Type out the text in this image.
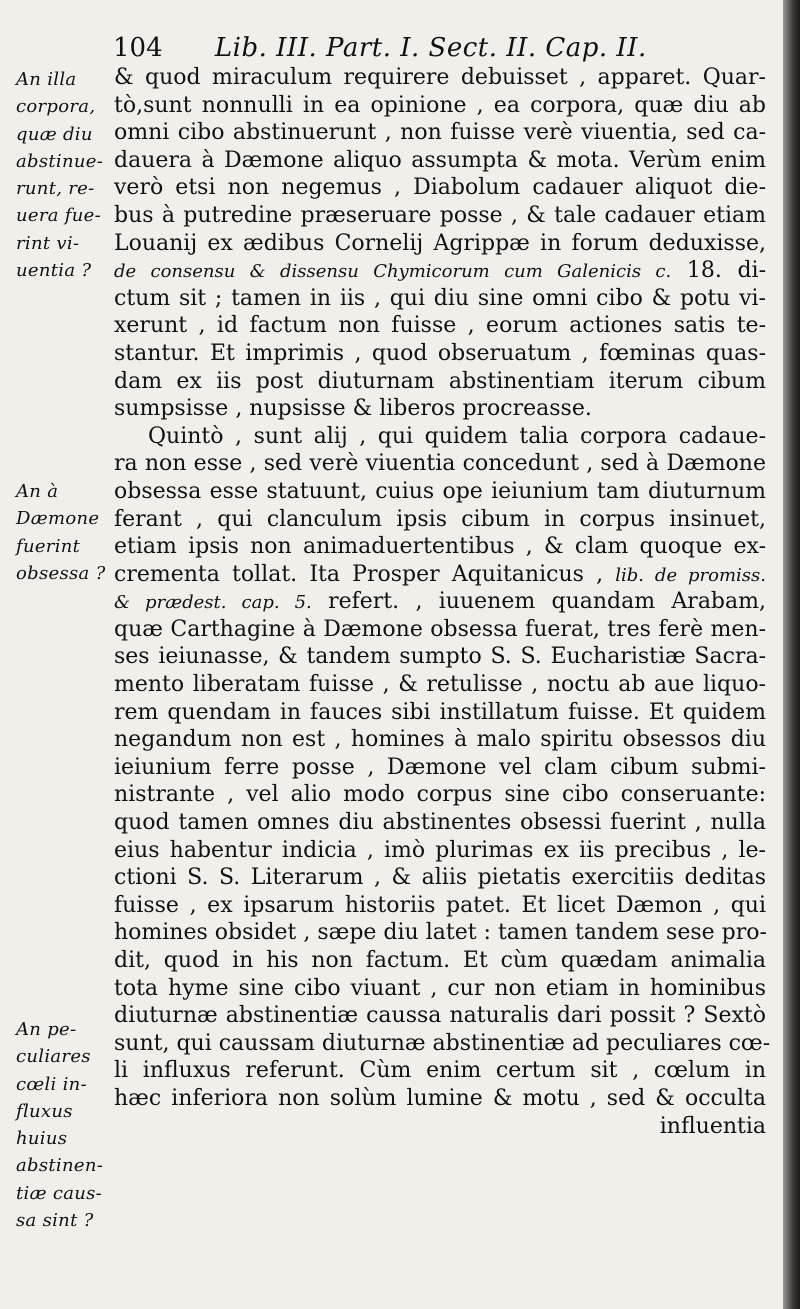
104 Lib. III. Part. I. Sect. II. Cap. II.
An illa
corpora,
quæ diu
abstinue-
runt, re-
uera fue-
rint vi-
uentia ?
An à
Dæmone
fuerint
obsessa ?
An pe-
culiares
cœli in-
fluxus
huius
abstinen-
tiæ caus-
sa sint ?
& quod miraculum requirere debuisset , apparet. Quar-
tò,sunt nonnulli in ea opinione , ea corpora, quæ diu ab
omni cibo abstinuerunt , non fuisse verè viuentia, sed ca-
dauera à Dæmone aliquo assumpta & mota. Verùm enim
verò etsi non negemus , Diabolum cadauer aliquot die-
bus à putredine præseruare posse , & tale cadauer etiam
Louanij ex ædibus Cornelij Agrippæ in forum deduxisse,
de consensu & dissensu Chymicorum cum Galenicis c. 18. di-
ctum sit ; tamen in iis , qui diu sine omni cibo & potu vi-
xerunt , id factum non fuisse , eorum actiones satis te-
stantur. Et imprimis , quod obseruatum , fœminas quas-
dam ex iis post diuturnam abstinentiam iterum cibum
sumpsisse , nupsisse & liberos procreasse.
Quintò , sunt alij , qui quidem talia corpora cadaue-
ra non esse , sed verè viuentia concedunt , sed à Dæmone
obsessa esse statuunt, cuius ope ieiunium tam diuturnum
ferant , qui clanculum ipsis cibum in corpus insinuet,
etiam ipsis non animaduertentibus , & clam quoque ex-
crementa tollat. Ita Prosper Aquitanicus , lib. de promiss.
& prædest. cap. 5. refert. , iuuenem quandam Arabam,
quæ Carthagine à Dæmone obsessa fuerat, tres ferè men-
ses ieiunasse, & tandem sumpto S. S. Eucharistiæ Sacra-
mento liberatam fuisse , & retulisse , noctu ab aue liquo-
rem quendam in fauces sibi instillatum fuisse. Et quidem
negandum non est , homines à malo spiritu obsessos diu
ieiunium ferre posse , Dæmone vel clam cibum submi-
nistrante , vel alio modo corpus sine cibo conseruante:
quod tamen omnes diu abstinentes obsessi fuerint , nulla
eius habentur indicia , imò plurimas ex iis precibus , le-
ctioni S. S. Literarum , & aliis pietatis exercitiis deditas
fuisse , ex ipsarum historiis patet. Et licet Dæmon , qui
homines obsidet , sæpe diu latet : tamen tandem sese pro-
dit, quod in his non factum. Et cùm quædam animalia
tota hyme sine cibo viuant , cur non etiam in hominibus
diuturnæ abstinentiæ caussa naturalis dari possit ? Sextò
sunt, qui caussam diuturnæ abstinentiæ ad peculiares cœ-
li influxus referunt. Cùm enim certum sit , cœlum in
hæc inferiora non solùm lumine & motu , sed & occulta
influentia
